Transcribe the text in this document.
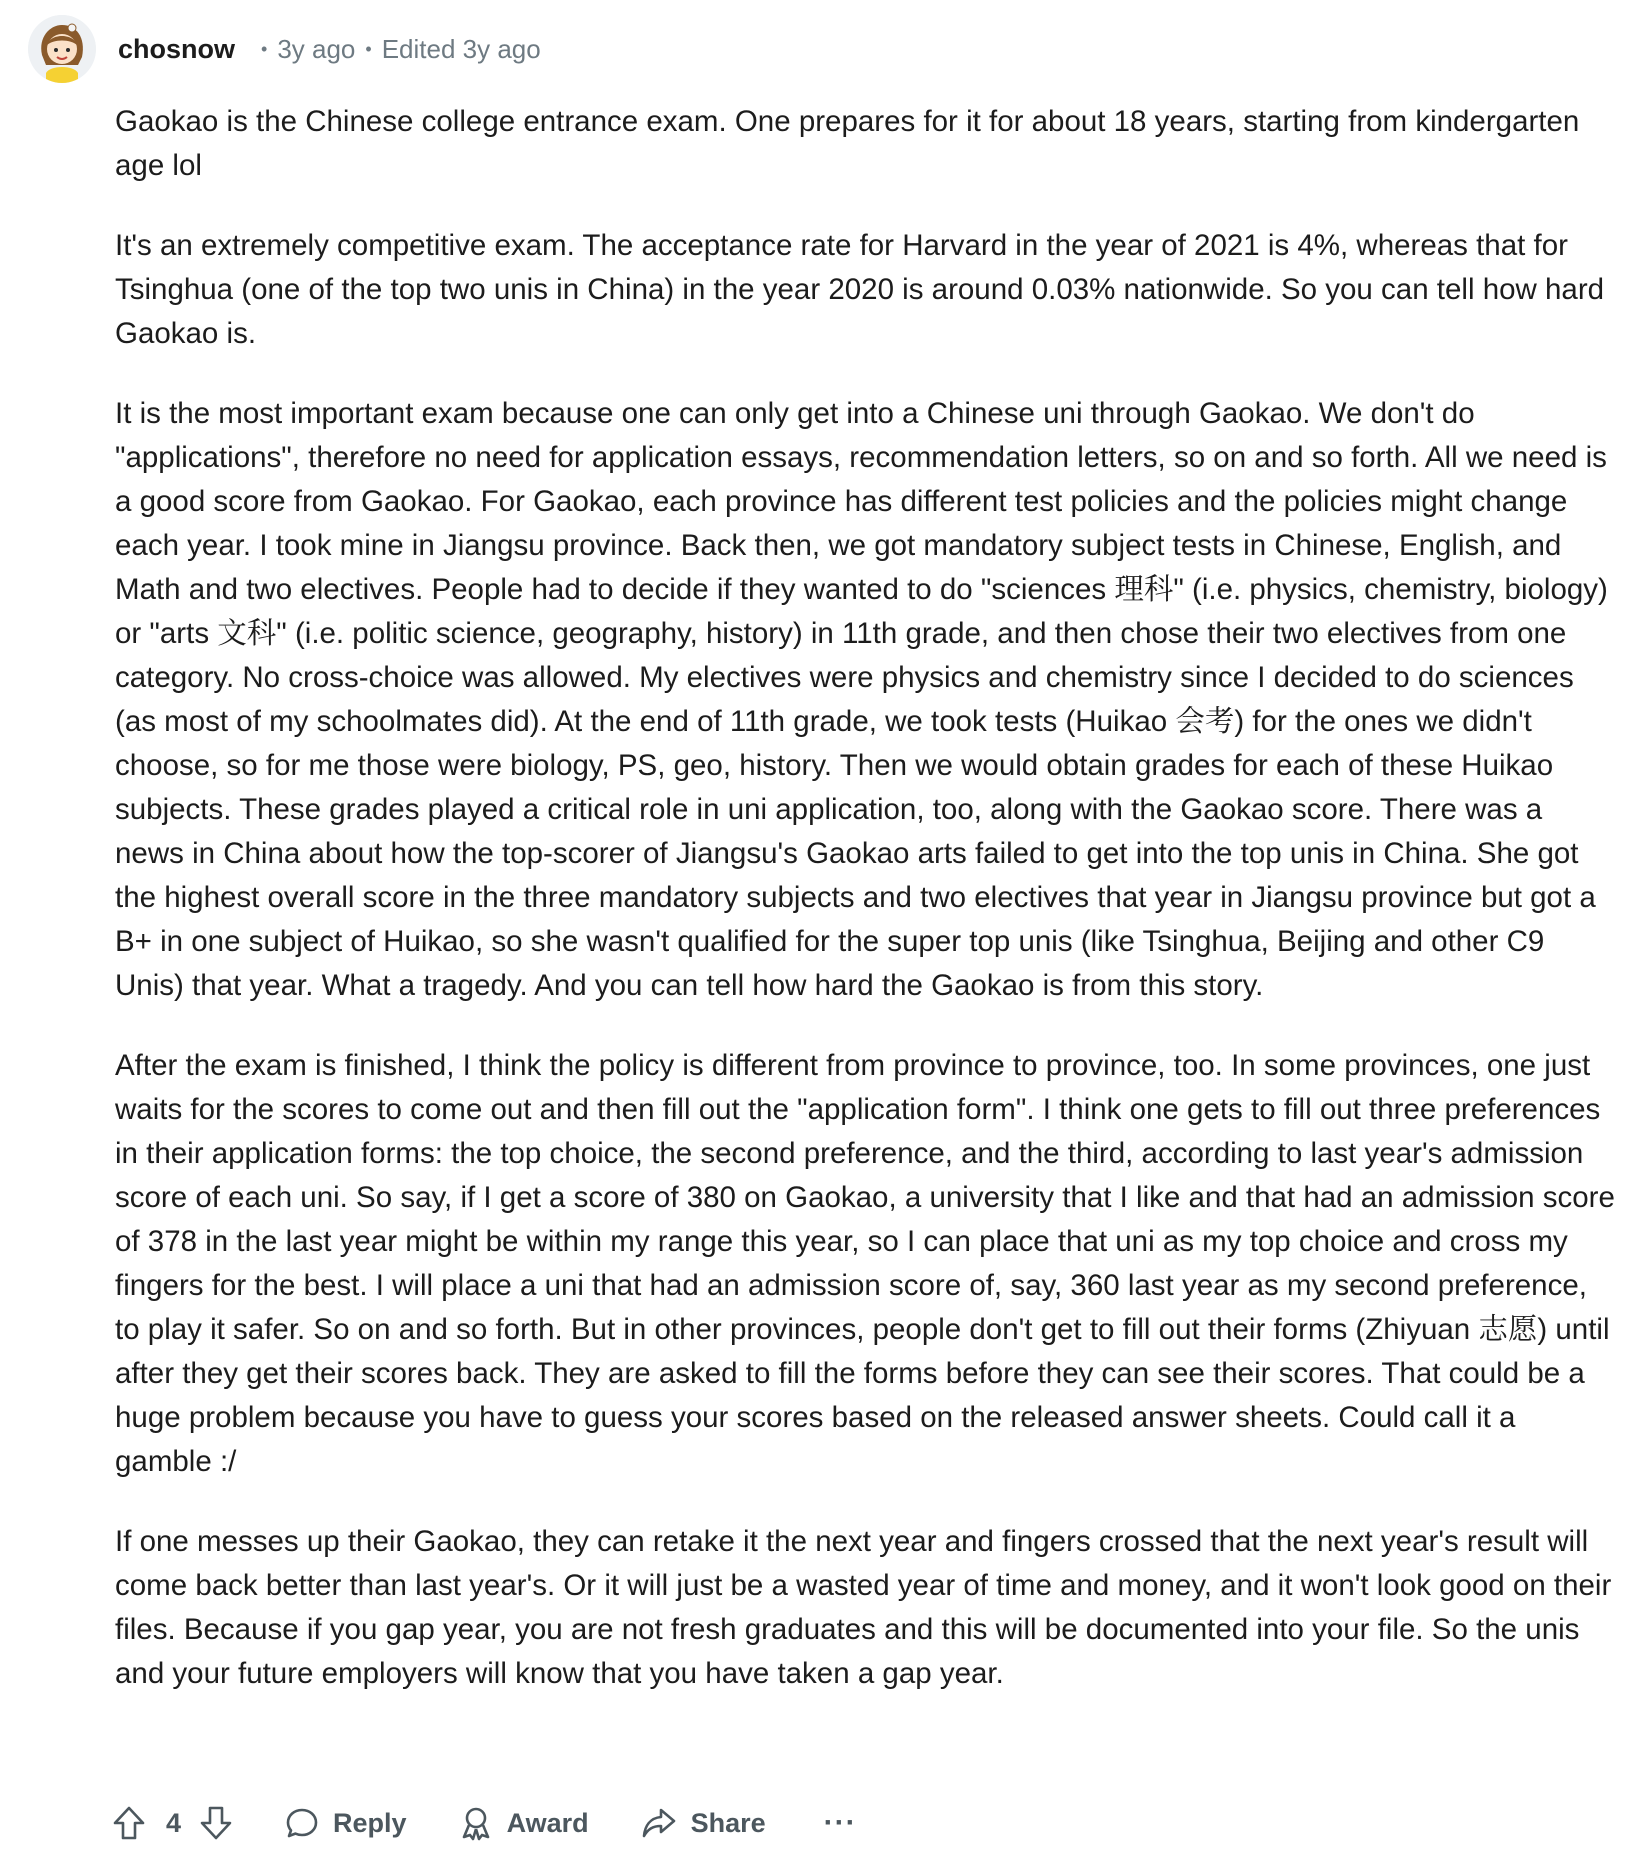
chosnow • 3y ago • Edited 3y ago

Gaokao is the Chinese college entrance exam. One prepares for it for about 18 years, starting from kindergarten age lol

It's an extremely competitive exam. The acceptance rate for Harvard in the year of 2021 is 4%, whereas that for Tsinghua (one of the top two unis in China) in the year 2020 is around 0.03% nationwide. So you can tell how hard Gaokao is.

It is the most important exam because one can only get into a Chinese uni through Gaokao. We don't do "applications", therefore no need for application essays, recommendation letters, so on and so forth. All we need is a good score from Gaokao. For Gaokao, each province has different test policies and the policies might change each year. I took mine in Jiangsu province. Back then, we got mandatory subject tests in Chinese, English, and Math and two electives. People had to decide if they wanted to do "sciences 理科" (i.e. physics, chemistry, biology) or "arts 文科" (i.e. politic science, geography, history) in 11th grade, and then chose their two electives from one category. No cross-choice was allowed. My electives were physics and chemistry since I decided to do sciences (as most of my schoolmates did). At the end of 11th grade, we took tests (Huikao 会考) for the ones we didn't choose, so for me those were biology, PS, geo, history. Then we would obtain grades for each of these Huikao subjects. These grades played a critical role in uni application, too, along with the Gaokao score. There was a news in China about how the top-scorer of Jiangsu's Gaokao arts failed to get into the top unis in China. She got the highest overall score in the three mandatory subjects and two electives that year in Jiangsu province but got a B+ in one subject of Huikao, so she wasn't qualified for the super top unis (like Tsinghua, Beijing and other C9 Unis) that year. What a tragedy. And you can tell how hard the Gaokao is from this story.

After the exam is finished, I think the policy is different from province to province, too. In some provinces, one just waits for the scores to come out and then fill out the "application form". I think one gets to fill out three preferences in their application forms: the top choice, the second preference, and the third, according to last year's admission score of each uni. So say, if I get a score of 380 on Gaokao, a university that I like and that had an admission score of 378 in the last year might be within my range this year, so I can place that uni as my top choice and cross my fingers for the best. I will place a uni that had an admission score of, say, 360 last year as my second preference, to play it safer. So on and so forth. But in other provinces, people don't get to fill out their forms (Zhiyuan 志愿) until after they get their scores back. They are asked to fill the forms before they can see their scores. That could be a huge problem because you have to guess your scores based on the released answer sheets. Could call it a gamble :/

If one messes up their Gaokao, they can retake it the next year and fingers crossed that the next year's result will come back better than last year's. Or it will just be a wasted year of time and money, and it won't look good on their files. Because if you gap year, you are not fresh graduates and this will be documented into your file. So the unis and your future employers will know that you have taken a gap year.

4	Reply	Award	Share ···
